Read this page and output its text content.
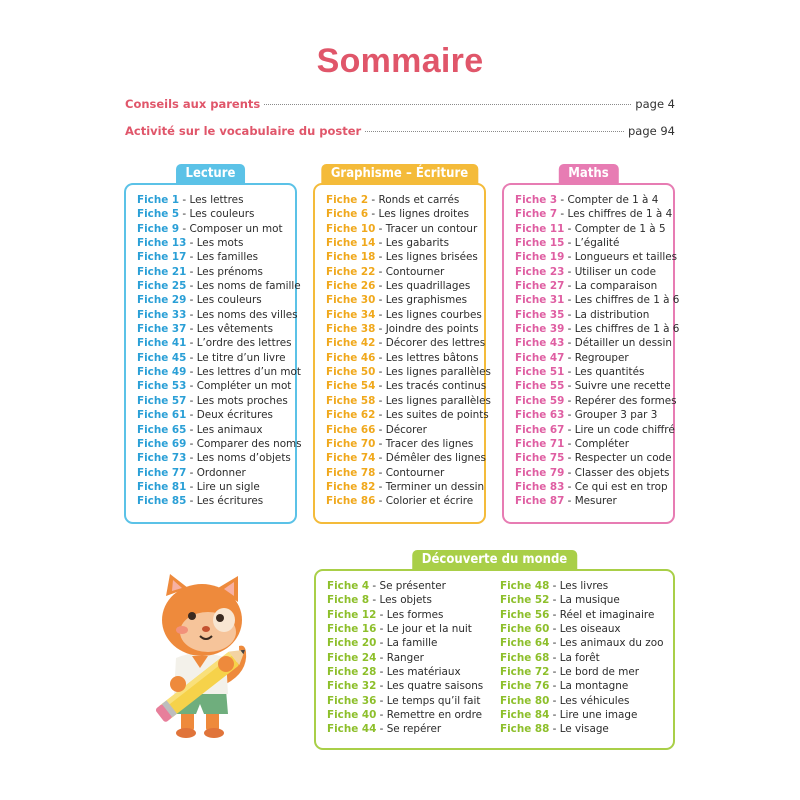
Sommaire
Conseils aux parents	page 4
Activité sur le vocabulaire du poster	page 94
Lecture
Fiche 1 - Les lettres
Fiche 5 - Les couleurs
Fiche 9 - Composer un mot
Fiche 13 - Les mots
Fiche 17 - Les familles
Fiche 21 - Les prénoms
Fiche 25 - Les noms de famille
Fiche 29 - Les couleurs
Fiche 33 - Les noms des villes
Fiche 37 - Les vêtements
Fiche 41 - L’ordre des lettres
Fiche 45 - Le titre d’un livre
Fiche 49 - Les lettres d’un mot
Fiche 53 - Compléter un mot
Fiche 57 - Les mots proches
Fiche 61 - Deux écritures
Fiche 65 - Les animaux
Fiche 69 - Comparer des noms
Fiche 73 - Les noms d’objets
Fiche 77 - Ordonner
Fiche 81 - Lire un sigle
Fiche 85 - Les écritures
Graphisme – Écriture
Fiche 2 - Ronds et carrés
Fiche 6 - Les lignes droites
Fiche 10 - Tracer un contour
Fiche 14 - Les gabarits
Fiche 18 - Les lignes brisées
Fiche 22 - Contourner
Fiche 26 - Les quadrillages
Fiche 30 - Les graphismes
Fiche 34 - Les lignes courbes
Fiche 38 - Joindre des points
Fiche 42 - Décorer des lettres
Fiche 46 - Les lettres bâtons
Fiche 50 - Les lignes parallèles
Fiche 54 - Les tracés continus
Fiche 58 - Les lignes parallèles
Fiche 62 - Les suites de points
Fiche 66 - Décorer
Fiche 70 - Tracer des lignes
Fiche 74 - Démêler des lignes
Fiche 78 - Contourner
Fiche 82 - Terminer un dessin
Fiche 86 - Colorier et écrire
Maths
Fiche 3 - Compter de 1 à 4
Fiche 7 - Les chiffres de 1 à 4
Fiche 11 - Compter de 1 à 5
Fiche 15 - L’égalité
Fiche 19 - Longueurs et tailles
Fiche 23 - Utiliser un code
Fiche 27 - La comparaison
Fiche 31 - Les chiffres de 1 à 6
Fiche 35 - La distribution
Fiche 39 - Les chiffres de 1 à 6
Fiche 43 - Détailler un dessin
Fiche 47 - Regrouper
Fiche 51 - Les quantités
Fiche 55 - Suivre une recette
Fiche 59 - Repérer des formes
Fiche 63 - Grouper 3 par 3
Fiche 67 - Lire un code chiffré
Fiche 71 - Compléter
Fiche 75 - Respecter un code
Fiche 79 - Classer des objets
Fiche 83 - Ce qui est en trop
Fiche 87 - Mesurer
Découverte du monde
Fiche 4 - Se présenter
Fiche 8 - Les objets
Fiche 12 - Les formes
Fiche 16 - Le jour et la nuit
Fiche 20 - La famille
Fiche 24 - Ranger
Fiche 28 - Les matériaux
Fiche 32 - Les quatre saisons
Fiche 36 - Le temps qu’il fait
Fiche 40 - Remettre en ordre
Fiche 44 - Se repérer
Fiche 48 - Les livres
Fiche 52 - La musique
Fiche 56 - Réel et imaginaire
Fiche 60 - Les oiseaux
Fiche 64 - Les animaux du zoo
Fiche 68 - La forêt
Fiche 72 - Le bord de mer
Fiche 76 - La montagne
Fiche 80 - Les véhicules
Fiche 84 - Lire une image
Fiche 88 - Le visage
